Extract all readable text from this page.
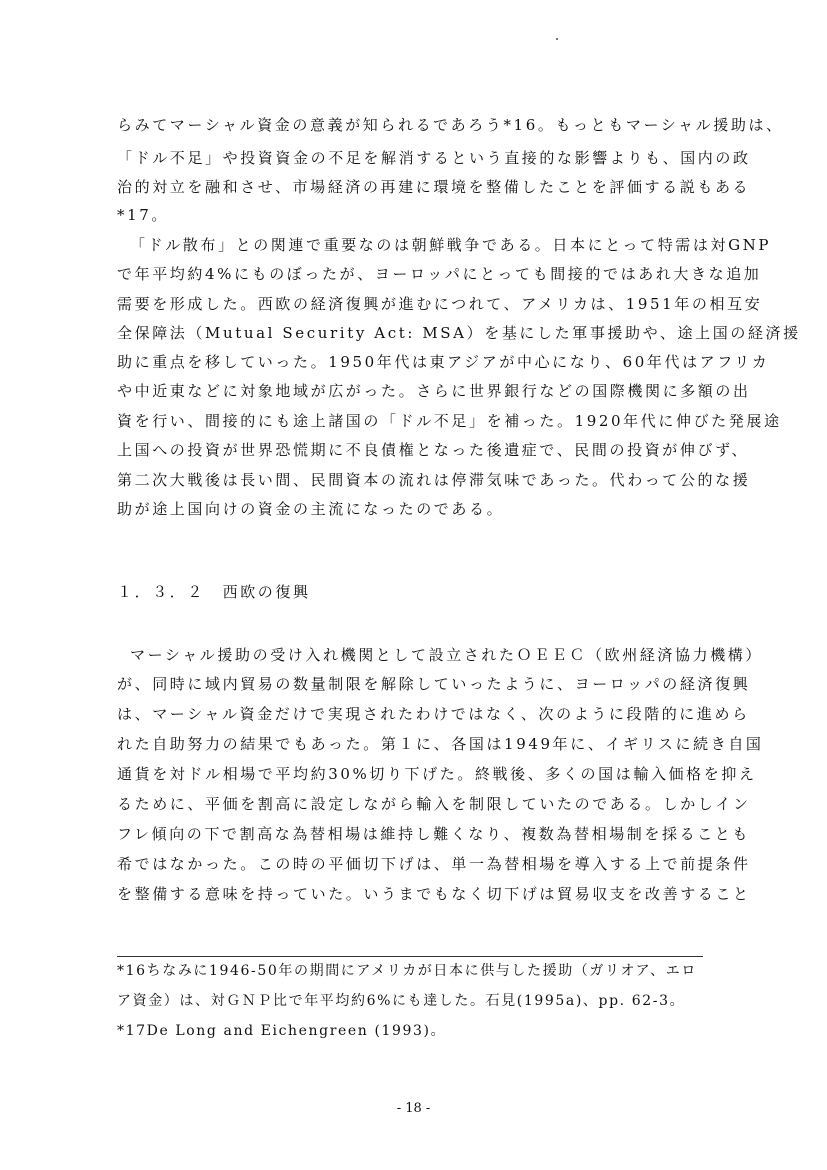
らみてマーシャル資金の意義が知られるであろう*16。もっともマーシャル援助は、
「ドル不足」や投資資金の不足を解消するという直接的な影響よりも、国内の政
治的対立を融和させ、市場経済の再建に環境を整備したことを評価する説もある
*17。
「ドル散布」との関連で重要なのは朝鮮戦争である。日本にとって特需は対GNP
で年平均約4%にものぼったが、ヨーロッパにとっても間接的ではあれ大きな追加
需要を形成した。西欧の経済復興が進むにつれて、アメリカは、1951年の相互安
全保障法（Mutual Security Act: MSA）を基にした軍事援助や、途上国の経済援
助に重点を移していった。1950年代は東アジアが中心になり、60年代はアフリカ
や中近東などに対象地域が広がった。さらに世界銀行などの国際機関に多額の出
資を行い、間接的にも途上諸国の「ドル不足」を補った。1920年代に伸びた発展途
上国への投資が世界恐慌期に不良債権となった後遺症で、民間の投資が伸びず、
第二次大戦後は長い間、民間資本の流れは停滞気味であった。代わって公的な援
助が途上国向けの資金の主流になったのである。
１．３．２　西欧の復興
マーシャル援助の受け入れ機関として設立されたＯＥＥＣ（欧州経済協力機構）
が、同時に域内貿易の数量制限を解除していったように、ヨーロッパの経済復興
は、マーシャル資金だけで実現されたわけではなく、次のように段階的に進めら
れた自助努力の結果でもあった。第１に、各国は1949年に、イギリスに続き自国
通貨を対ドル相場で平均約30%切り下げた。終戦後、多くの国は輸入価格を抑え
るために、平価を割高に設定しながら輸入を制限していたのである。しかしイン
フレ傾向の下で割高な為替相場は維持し難くなり、複数為替相場制を採ることも
希ではなかった。この時の平価切下げは、単一為替相場を導入する上で前提条件
を整備する意味を持っていた。いうまでもなく切下げは貿易収支を改善すること
*16ちなみに1946-50年の期間にアメリカが日本に供与した援助（ガリオア、エロ
ア資金）は、対ＧＮＰ比で年平均約6%にも達した。石見(1995a)、pp. 62-3。
*17De Long and Eichengreen (1993)。
- 18 -
